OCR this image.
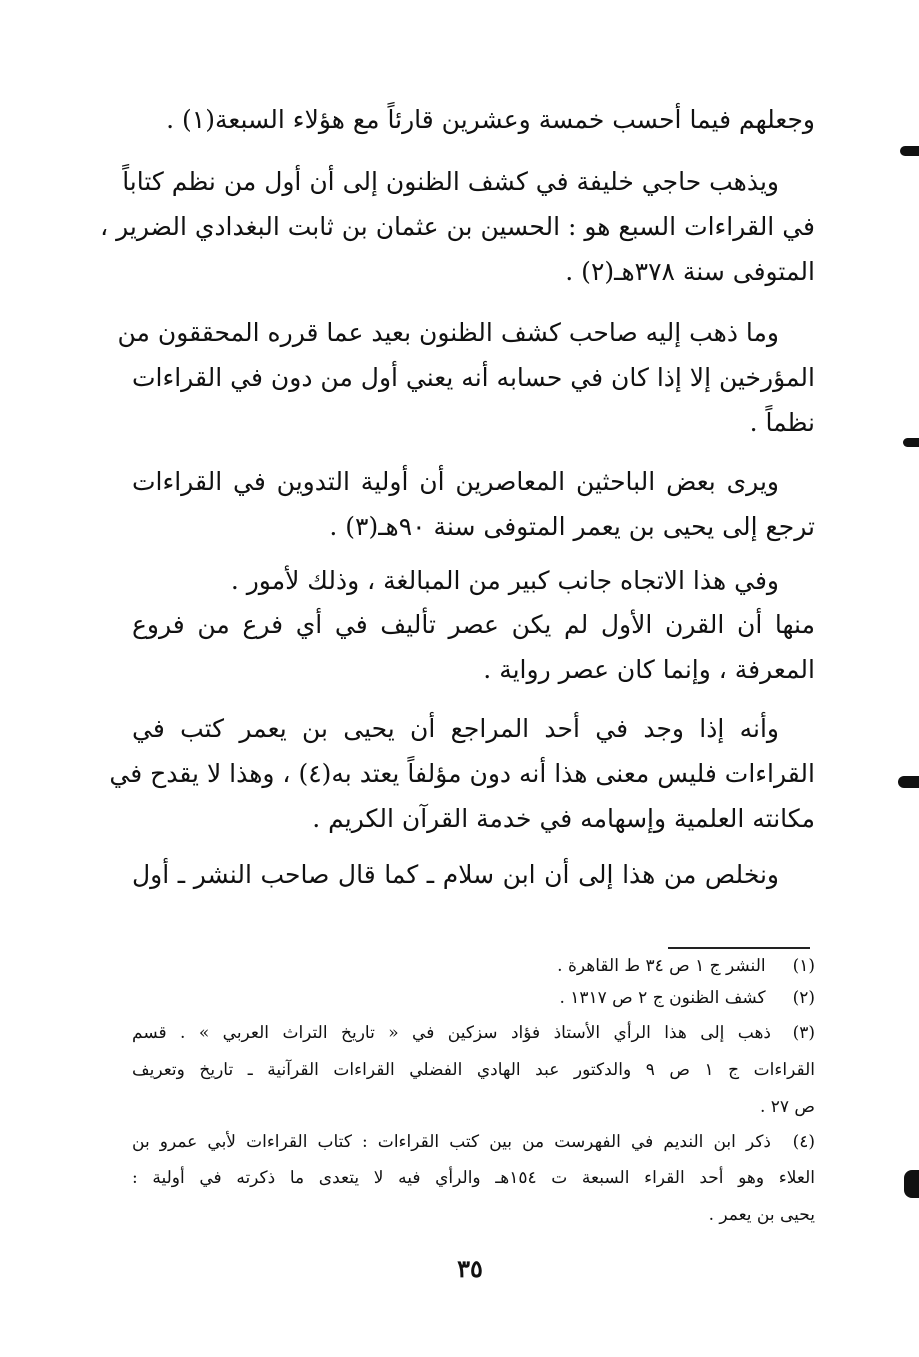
وجعلهم فيما أحسب خمسة وعشرين قارئاً مع هؤلاء السبعة(١) .
ويذهب حاجي خليفة في كشف الظنون إلى أن أول من نظم كتاباً
في القراءات السبع هو : الحسين بن عثمان بن ثابت البغدادي الضرير ،
المتوفى سنة ٣٧٨هـ(٢) .
وما ذهب إليه صاحب كشف الظنون بعيد عما قرره المحققون من
المؤرخين إلا إذا كان في حسابه أنه يعني أول من دون في القراءات
نظماً .
ويرى بعض الباحثين المعاصرين أن أولية التدوين في القراءات
ترجع إلى يحيى بن يعمر المتوفى سنة ٩٠هـ(٣) .
وفي هذا الاتجاه جانب كبير من المبالغة ، وذلك لأمور .
منها أن القرن الأول لم يكن عصر تأليف في أي فرع من فروع
المعرفة ، وإنما كان عصر رواية .
وأنه إذا وجد في أحد المراجع أن يحيى بن يعمر كتب في
القراءات فليس معنى هذا أنه دون مؤلفاً يعتد به(٤) ، وهذا لا يقدح في
مكانته العلمية وإسهامه في خدمة القرآن الكريم .
ونخلص من هذا إلى أن ابن سلام ـ كما قال صاحب النشر ـ أول
(١) النشر ج ١ ص ٣٤ ط القاهرة .
(٢) كشف الظنون ج ٢ ص ١٣١٧ .
(٣)
ذهب إلى هذا الرأي الأستاذ فؤاد سزكين في « تاريخ التراث العربي » . قسم
القراءات ج ١ ص ٩ والدكتور عبد الهادي الفضلي القراءات القرآنية ـ تاريخ وتعريف
ص ٢٧ .
(٤)
ذكر ابن النديم في الفهرست من بين كتب القراءات : كتاب القراءات لأبي عمرو بن
العلاء وهو أحد القراء السبعة ت ١٥٤هـ والرأي فيه لا يتعدى ما ذكرته في أولية :
يحيى بن يعمر .
٣٥
